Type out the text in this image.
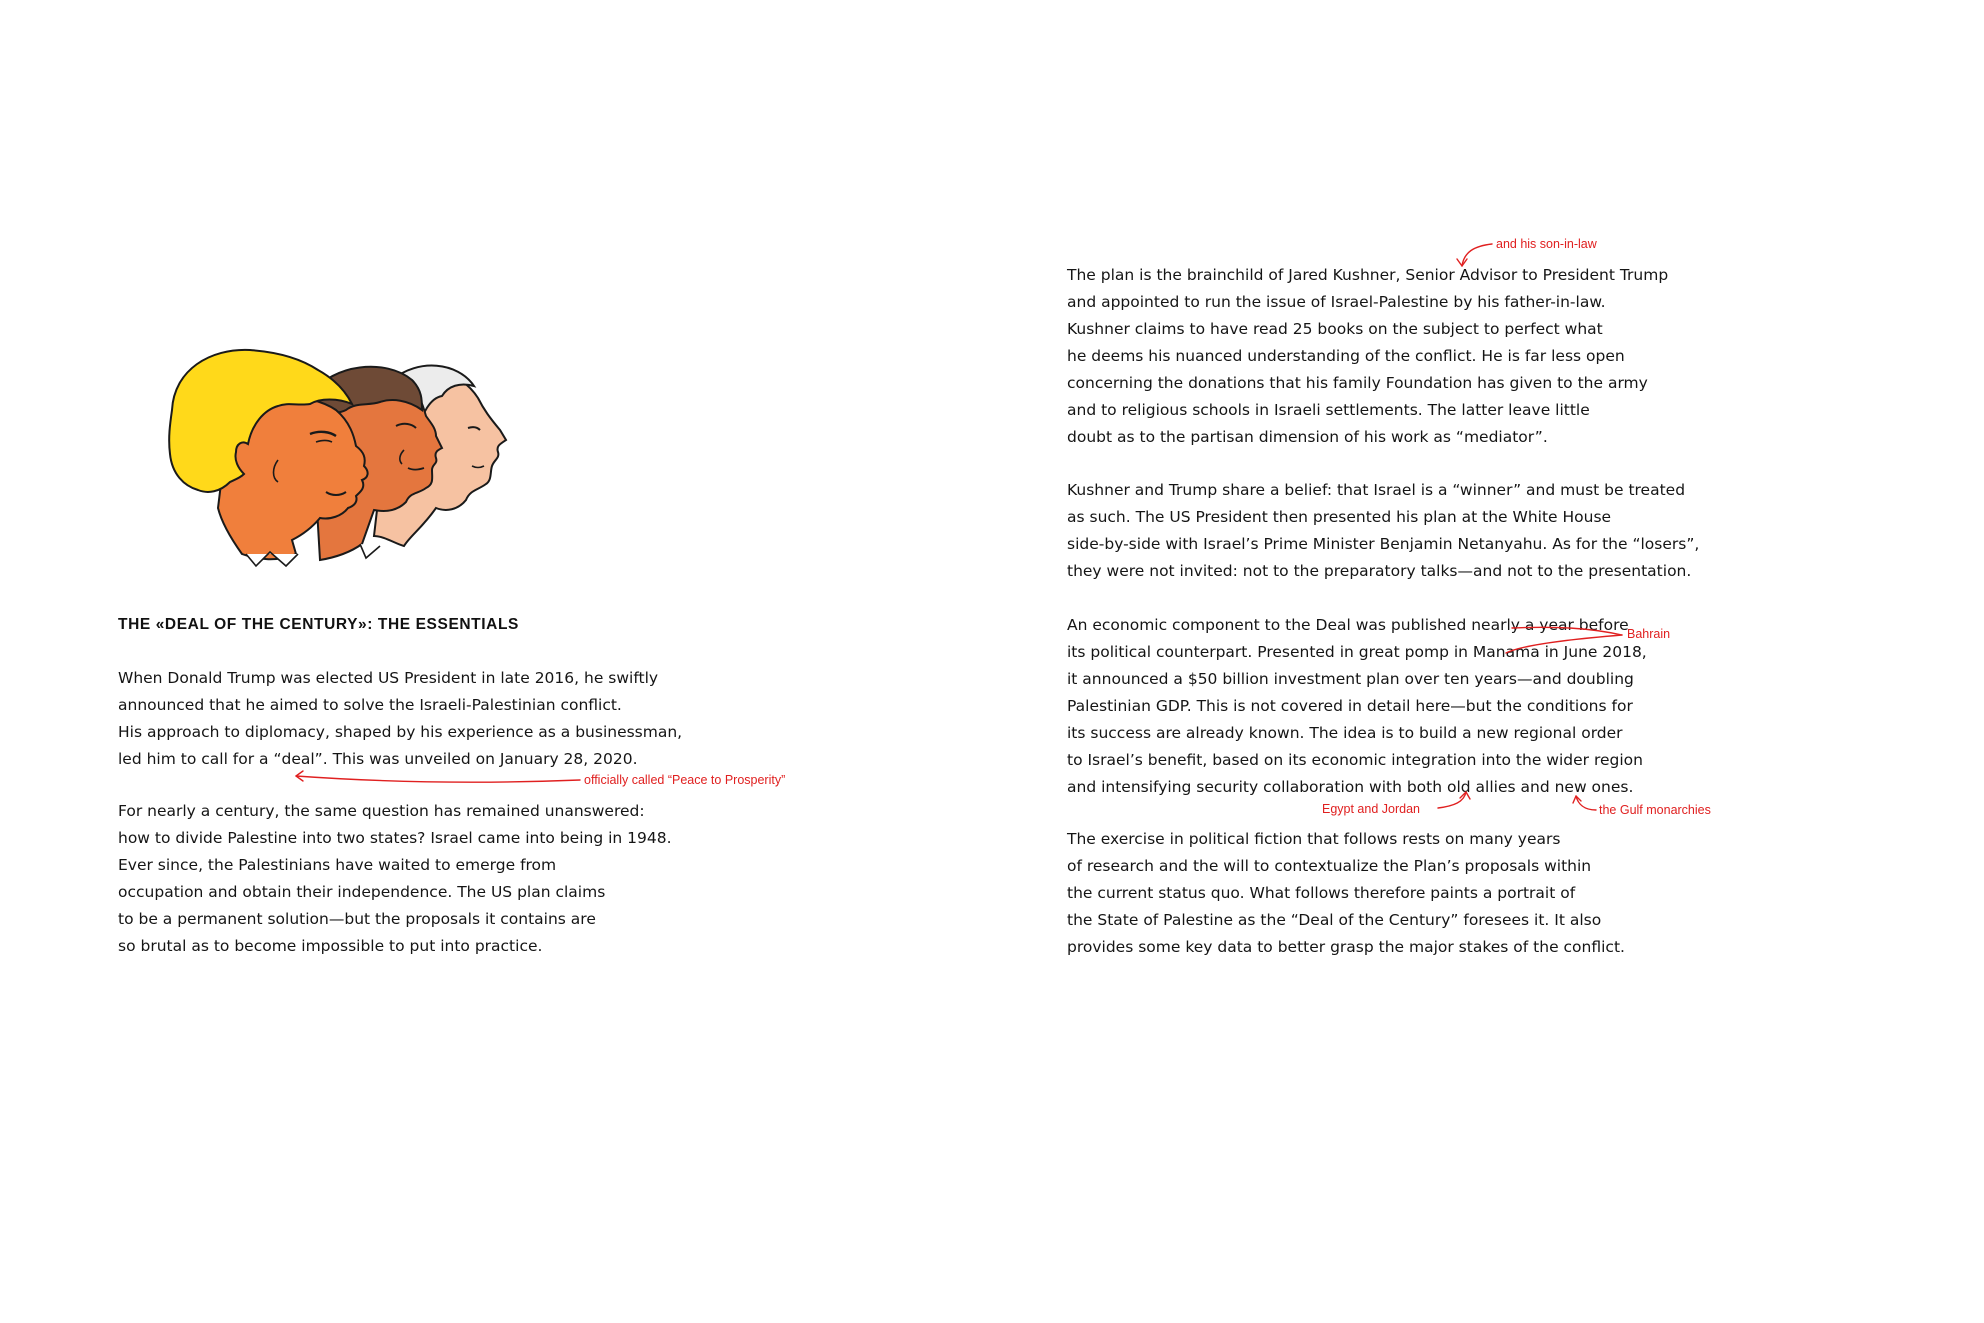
THE «DEAL OF THE CENTURY»: THE ESSENTIALS

When Donald Trump was elected US President in late 2016, he swiftly
announced that he aimed to solve the Israeli-Palestinian conflict.
His approach to diplomacy, shaped by his experience as a businessman,
led him to call for a “deal”. This was unveiled on January 28, 2020.

For nearly a century, the same question has remained unanswered:
how to divide Palestine into two states? Israel came into being in 1948.
Ever since, the Palestinians have waited to emerge from
occupation and obtain their independence. The US plan claims
to be a permanent solution—but the proposals it contains are
so brutal as to become impossible to put into practice.

The plan is the brainchild of Jared Kushner, Senior Advisor to President Trump
and appointed to run the issue of Israel-Palestine by his father-in-law.
Kushner claims to have read 25 books on the subject to perfect what
he deems his nuanced understanding of the conflict. He is far less open
concerning the donations that his family Foundation has given to the army
and to religious schools in Israeli settlements. The latter leave little
doubt as to the partisan dimension of his work as “mediator”.

Kushner and Trump share a belief: that Israel is a “winner” and must be treated
as such. The US President then presented his plan at the White House
side-by-side with Israel’s Prime Minister Benjamin Netanyahu. As for the “losers”,
they were not invited: not to the preparatory talks—and not to the presentation.

An economic component to the Deal was published nearly a year before
its political counterpart. Presented in great pomp in Manama in June 2018,
it announced a $50 billion investment plan over ten years—and doubling
Palestinian GDP. This is not covered in detail here—but the conditions for
its success are already known. The idea is to build a new regional order
to Israel’s benefit, based on its economic integration into the wider region
and intensifying security collaboration with both old allies and new ones.

The exercise in political fiction that follows rests on many years
of research and the will to contextualize the Plan’s proposals within
the current status quo. What follows therefore paints a portrait of
the State of Palestine as the “Deal of the Century” foresees it. It also
provides some key data to better grasp the major stakes of the conflict.

officially called “Peace to Prosperity”
and his son-in-law
Bahrain
Egypt and Jordan	the Gulf monarchies
